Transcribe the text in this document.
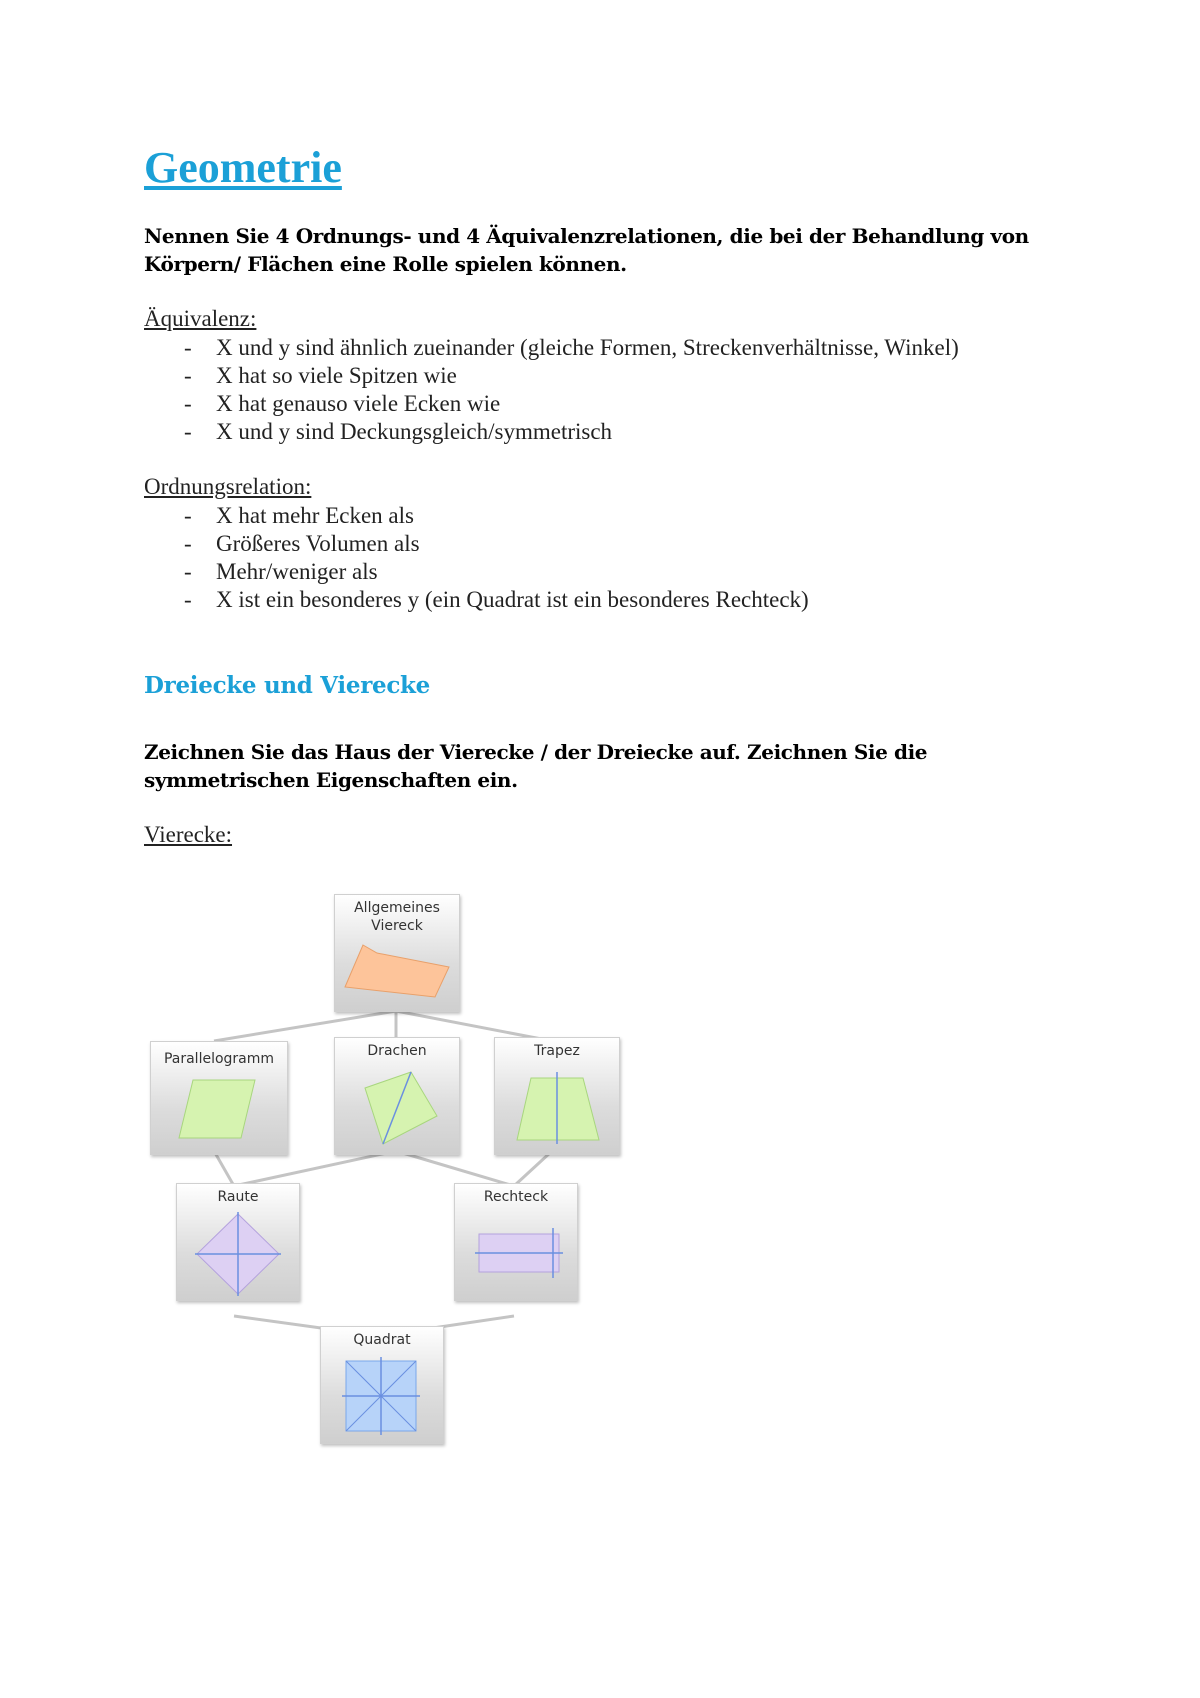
Geometrie

Nennen Sie 4 Ordnungs- und 4 Äquivalenzrelationen, die bei der Behandlung von Körpern/ Flächen eine Rolle spielen können.

Äquivalenz:

-	X und y sind ähnlich zueinander (gleiche Formen, Streckenverhältnisse, Winkel)
-	X hat so viele Spitzen wie
-	X hat genauso viele Ecken wie
-	X und y sind Deckungsgleich/symmetrisch

Ordnungsrelation:

-	X hat mehr Ecken als
-	Größeres Volumen als
-	Mehr/weniger als
-	X ist ein besonderes y (ein Quadrat ist ein besonderes Rechteck)
Dreiecke und Vierecke

Zeichnen Sie das Haus der Vierecke / der Dreiecke auf. Zeichnen Sie die symmetrischen Eigenschaften ein.

Vierecke:

Allgemeines
Viereck
Parallelogramm	Drachen	Trapez
Raute	Rechteck
Quadrat
